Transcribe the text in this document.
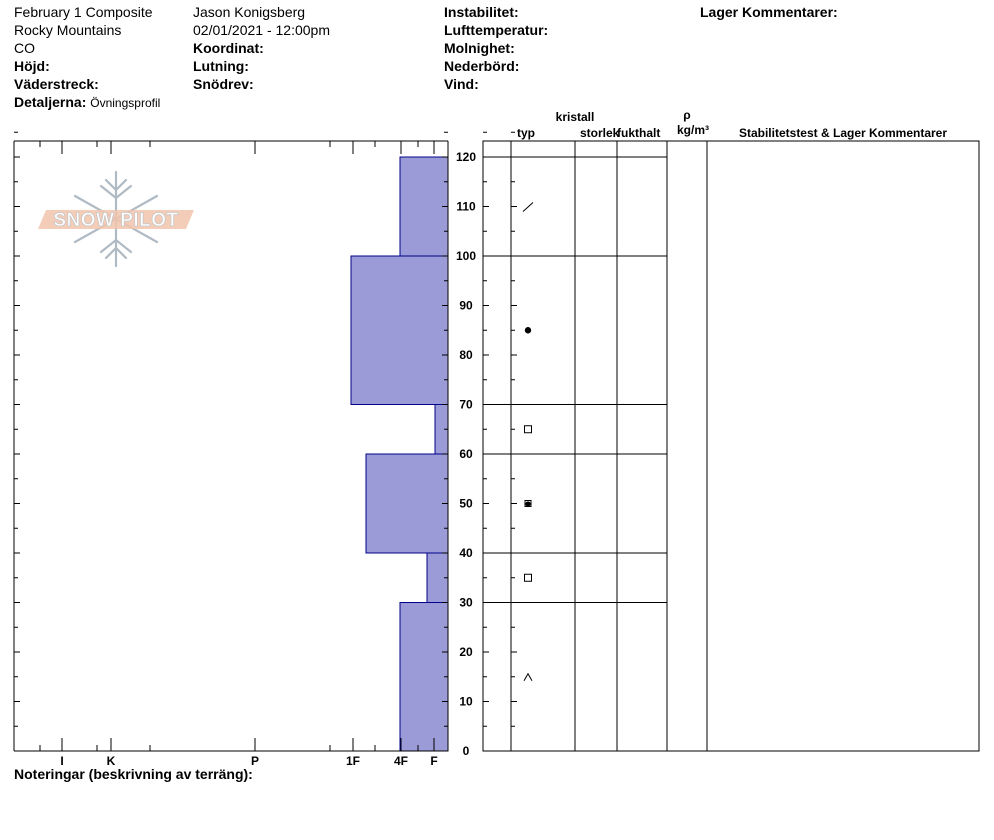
February 1 Composite
Rocky Mountains
CO
Höjd:
Väderstreck:
Detaljerna: Övningsprofil
Jason Konigsberg
02/01/2021 - 12:00pm
Koordinat:
Lutning:
Snödrev:
Instabilitet:
Lufttemperatur:
Molnighet:
Nederbörd:
Vind:
Lager Kommentarer:
Noteringar (beskrivning av terräng):
SNOW PILOT
kristall
typ	storlek
fukthalt
ρ
kg/m³ Stabilitetstest & Lager Kommentarer
0
10
20
30
40
50
60
70
80
90
100
110
120
I	K	P	1F	4F F
